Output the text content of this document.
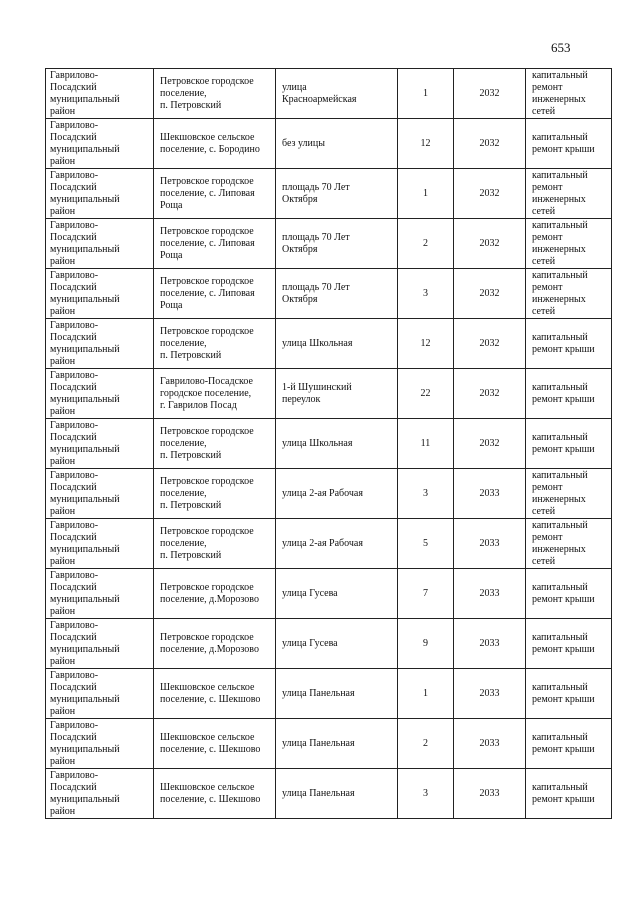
653
Гаврилово-
Посадский
муниципальный
район	Петровское городское
поселение,
п. Петровский	улица
Красноармейская	1	2032	капитальный
ремонт
инженерных
сетей
Гаврилово-
Посадский
муниципальный
район	Шекшовское сельское
поселение, с. Бородино	без улицы	12	2032	капитальный
ремонт крыши
Гаврилово-
Посадский
муниципальный
район	Петровское городское
поселение, с. Липовая
Роща	площадь 70 Лет
Октября	1	2032	капитальный
ремонт
инженерных
сетей
Гаврилово-
Посадский
муниципальный
район	Петровское городское
поселение, с. Липовая
Роща	площадь 70 Лет
Октября	2	2032	капитальный
ремонт
инженерных
сетей
Гаврилово-
Посадский
муниципальный
район	Петровское городское
поселение, с. Липовая
Роща	площадь 70 Лет
Октября	3	2032	капитальный
ремонт
инженерных
сетей
Гаврилово-
Посадский
муниципальный
район	Петровское городское
поселение,
п. Петровский	улица Школьная	12	2032	капитальный
ремонт крыши
Гаврилово-
Посадский
муниципальный
район	Гаврилово-Посадское
городское поселение,
г. Гаврилов Посад	1-й Шушинский
переулок	22	2032	капитальный
ремонт крыши
Гаврилово-
Посадский
муниципальный
район	Петровское городское
поселение,
п. Петровский	улица Школьная	11	2032	капитальный
ремонт крыши
Гаврилово-
Посадский
муниципальный
район	Петровское городское
поселение,
п. Петровский	улица 2-ая Рабочая	3	2033	капитальный
ремонт
инженерных
сетей
Гаврилово-
Посадский
муниципальный
район	Петровское городское
поселение,
п. Петровский	улица 2-ая Рабочая	5	2033	капитальный
ремонт
инженерных
сетей
Гаврилово-
Посадский
муниципальный
район	Петровское городское
поселение, д.Морозово	улица Гусева	7	2033	капитальный
ремонт крыши
Гаврилово-
Посадский
муниципальный
район	Петровское городское
поселение, д.Морозово	улица Гусева	9	2033	капитальный
ремонт крыши
Гаврилово-
Посадский
муниципальный
район	Шекшовское сельское
поселение, с. Шекшово	улица Панельная	1	2033	капитальный
ремонт крыши
Гаврилово-
Посадский
муниципальный
район	Шекшовское сельское
поселение, с. Шекшово	улица Панельная	2	2033	капитальный
ремонт крыши
Гаврилово-
Посадский
муниципальный
район	Шекшовское сельское
поселение, с. Шекшово	улица Панельная	3	2033	капитальный
ремонт крыши
